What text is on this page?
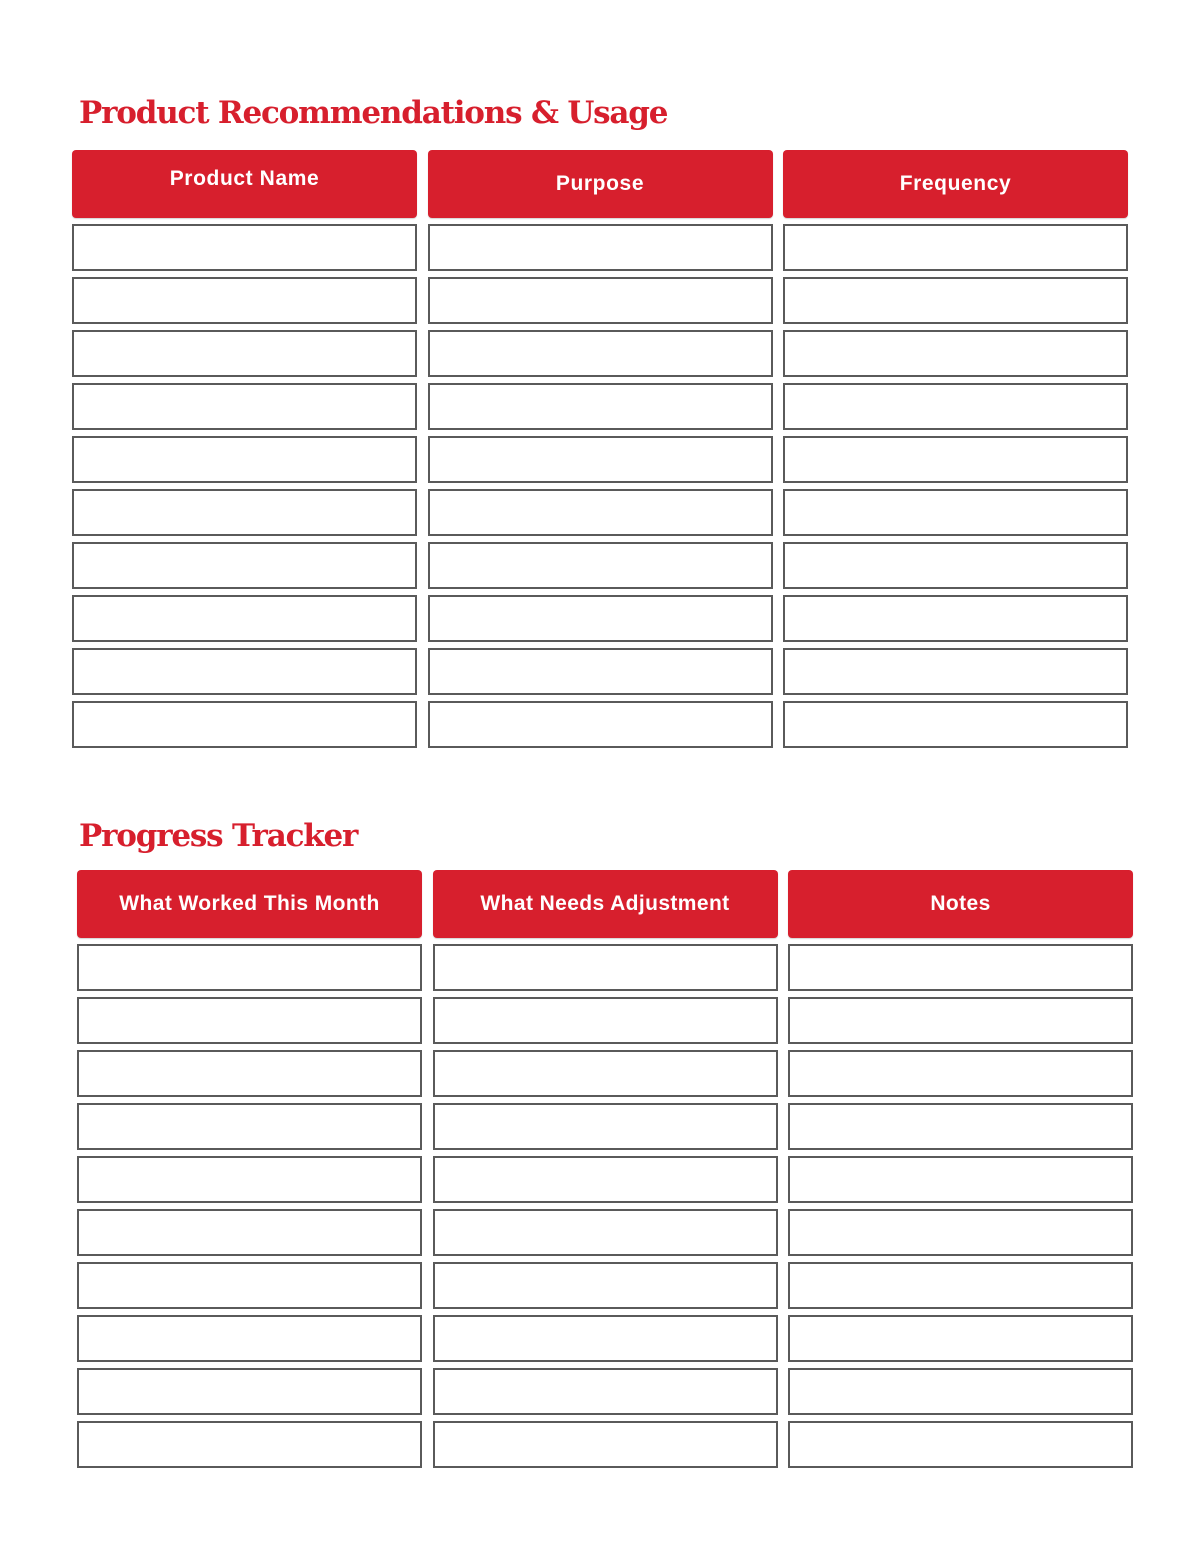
Product Recommendations & Usage
Product Name	Purpose	Frequency
Progress Tracker
What Worked This Month	What Needs Adjustment	Notes
